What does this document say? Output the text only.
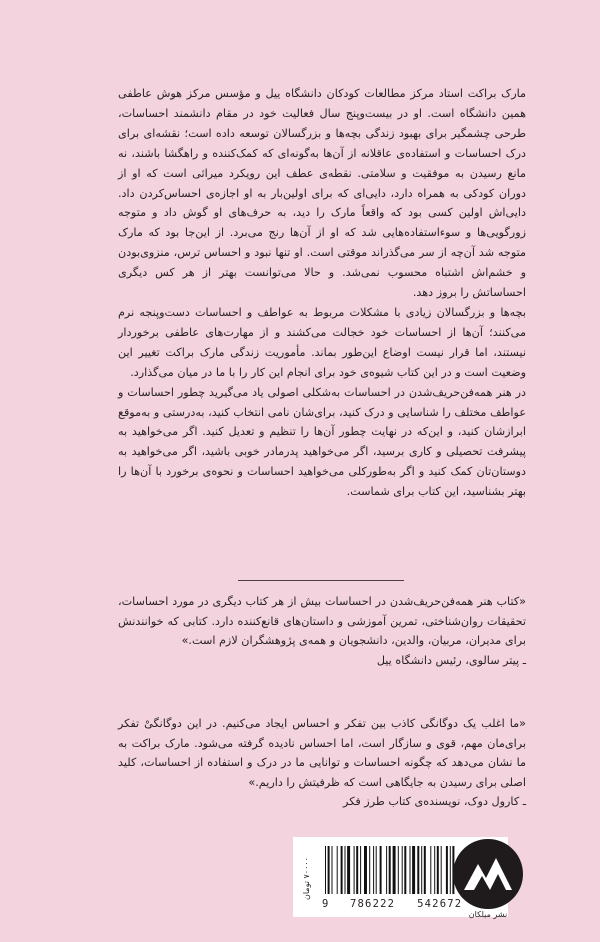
مارک براکت استاد مرکز مطالعات کودکان دانشگاه ییل و مؤسس مرکز هوش عاطفی همین دانشگاه است. او در بیست‌وپنج سال فعالیت خود در مقام دانشمند احساسات، طرحی چشمگیر برای بهبود زندگی بچه‌ها و بزرگسالان توسعه داده است؛ نقشه‌ای برای درک احساسات و استفاده‌ی عاقلانه از آن‌ها به‌گونه‌ای که کمک‌کننده و راهگشا باشند، نه مانع رسیدن به موفقیت و سلامتی. نقطه‌ی عطف این رویکرد میراثی است که او از دوران کودکی به همراه دارد، دایی‌ای که برای اولین‌بار به او اجازه‌ی احساس‌کردن داد. دایی‌اش اولین کسی بود که واقعاً مارک را دید، به حرف‌های او گوش داد و متوجه زورگویی‌ها و سوءاستفاده‌هایی شد که او از آن‌ها رنج می‌برد. از این‌جا بود که مارک متوجه شد آن‌چه از سر می‌گذراند موقتی است. او تنها نبود و احساس ترس، منزوی‌بودن و خشم‌اش اشتباه محسوب نمی‌شد. و حالا می‌توانست بهتر از هر کس دیگری احساساتش را بروز دهد.

بچه‌ها و بزرگسالان زیادی با مشکلات مربوط به عواطف و احساسات دست‌وپنجه نرم می‌کنند؛ آن‌ها از احساسات خود خجالت می‌کشند و از مهارت‌های عاطفی برخوردار نیستند، اما قرار نیست اوضاع این‌طور بماند. مأموریت زندگی مارک براکت تغییر این وضعیت است و در این کتاب شیوه‌ی خود برای انجام این کار را با ما در میان می‌گذارد.

در هنر همه‌فن‌حریف‌شدن در احساسات به‌شکلی اصولی یاد می‌گیرید چطور احساسات و عواطف مختلف را شناسایی و درک کنید، برای‌شان نامی انتخاب کنید، به‌درستی و به‌موقع ابرازشان کنید، و این‌که در نهایت چطور آن‌ها را تنظیم و تعدیل کنید. اگر می‌خواهید به پیشرفت تحصیلی و کاری برسید، اگر می‌خواهید پدرمادر خوبی باشید، اگر می‌خواهید به دوستان‌تان کمک کنید و اگر به‌طورکلی می‌خواهید احساسات و نحوه‌ی برخورد با آن‌ها را بهتر بشناسید، این کتاب برای شماست.

«کتاب هنر همه‌فن‌حریف‌شدن در احساسات بیش از هر کتاب دیگری در مورد احساسات، تحقیقات روان‌شناختی، تمرین آموزشی و داستان‌های قانع‌کننده دارد. کتابی که خوانندنش برای مدیران، مربیان، والدین، دانشجویان و همه‌ی پژوهشگران لازم است.»

ـ پیتر سالوی، رئیس دانشگاه ییل

«ما اغلب یک دوگانگی کاذب بین تفکر و احساس ایجاد می‌کنیم. در این دوگانگیْ تفکر برای‌مان مهم، قوی و سازگار است، اما احساس نادیده گرفته می‌شود. مارک براکت به ما نشان می‌دهد که چگونه احساسات و توانایی ما در درک و استفاده از احساسات، کلید اصلی برای رسیدن به جایگاهی است که ظرفیتش را داریم.»

ـ کارول دوک، نویسنده‌ی کتاب طرز فکر

۷۰۰۰۰ تومان
9	786222 542672
نشر میلکان
